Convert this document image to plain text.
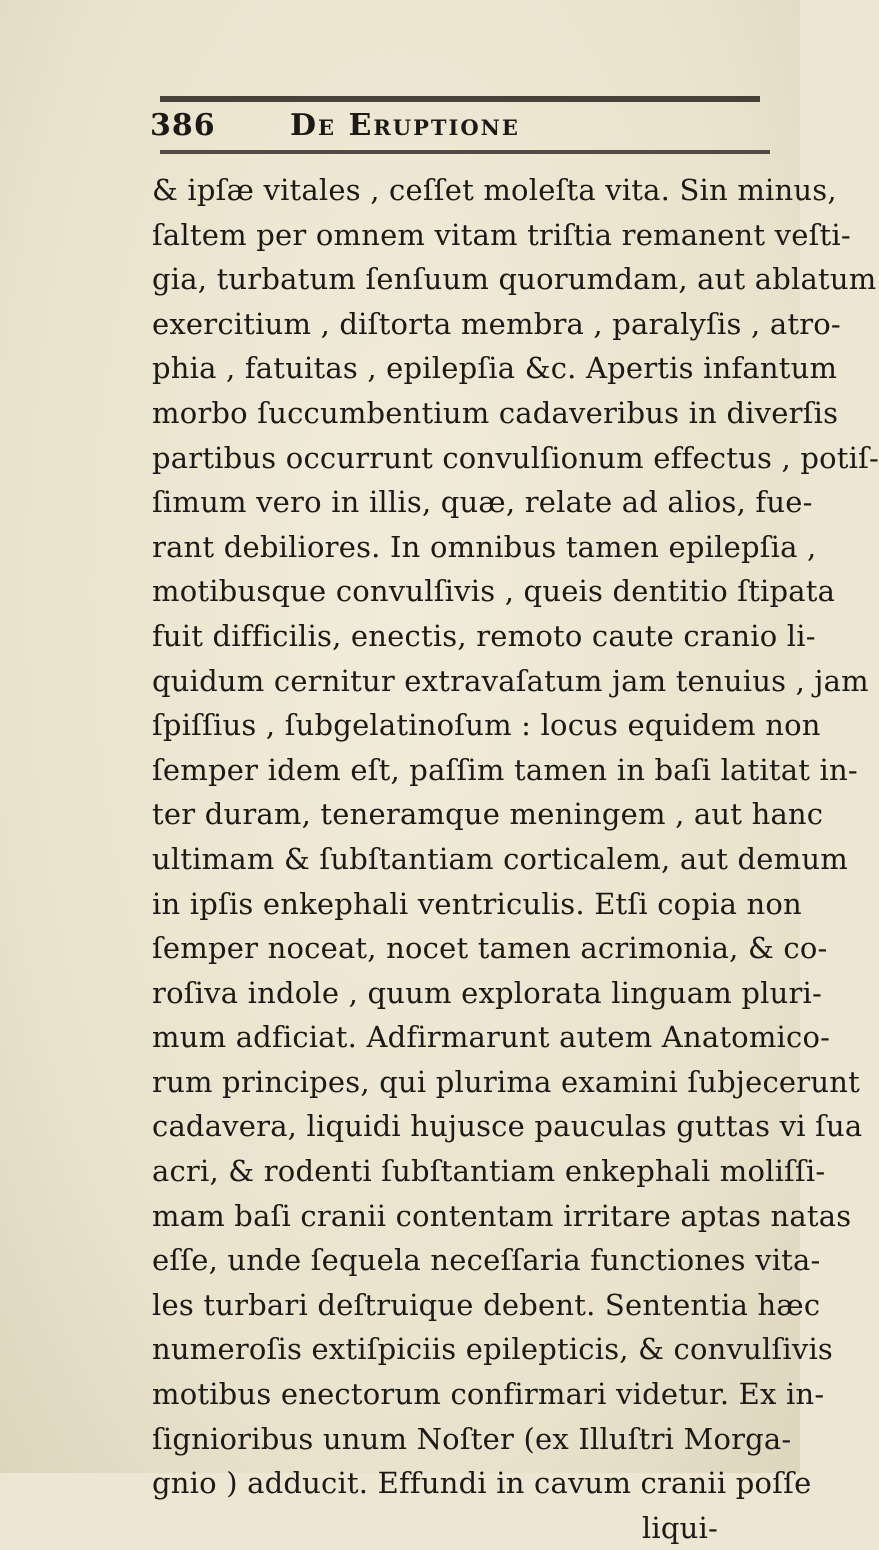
386 De Eruptione
& ipſæ vitales , ceſſet moleſta vita. Sin minus,
ſaltem per omnem vitam triſtia remanent veſti-
gia, turbatum ſenſuum quorumdam, aut ablatum
exercitium , diſtorta membra , paralyſis , atro-
phia , fatuitas , epilepſia &c. Apertis infantum
morbo ſuccumbentium cadaveribus in diverſis
partibus occurrunt convulſionum effectus , potiſ-
ſimum vero in illis, quæ, relate ad alios, fue-
rant debiliores. In omnibus tamen epilepſia ,
motibusque convulſivis , queis dentitio ſtipata
fuit difficilis, enectis, remoto caute cranio li-
quidum cernitur extravaſatum jam tenuius , jam
ſpiſſius , ſubgelatinoſum : locus equidem non
ſemper idem eſt, paſſim tamen in baſi latitat in-
ter duram, teneramque meningem , aut hanc
ultimam & ſubſtantiam corticalem, aut demum
in ipſis enkephali ventriculis. Etſi copia non
ſemper noceat, nocet tamen acrimonia, & co-
roſiva indole , quum explorata linguam pluri-
mum adficiat. Adfirmarunt autem Anatomico-
rum principes, qui plurima examini ſubjecerunt
cadavera, liquidi hujusce pauculas guttas vi ſua
acri, & rodenti ſubſtantiam enkephali moliſſi-
mam baſi cranii contentam irritare aptas natas
eſſe, unde ſequela neceſſaria functiones vita-
les turbari deſtruique debent. Sententia hæc
numeroſis extiſpiciis epilepticis, & convulſivis
motibus enectorum confirmari videtur. Ex in-
ſignioribus unum Noſter (ex Illuſtri Morga-
gnio ) adducit. Effundi in cavum cranii poſſe
liqui-
